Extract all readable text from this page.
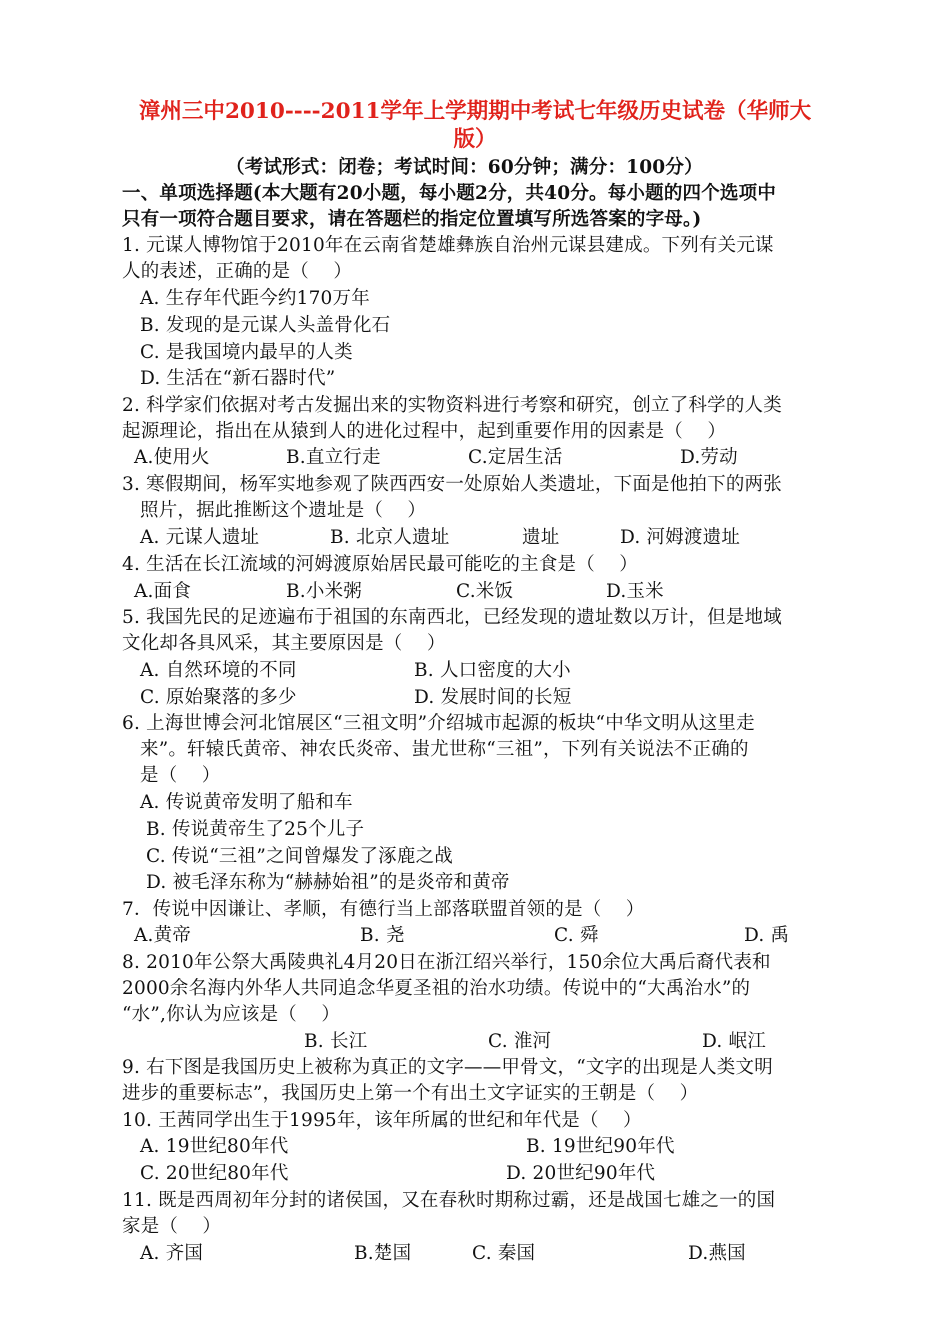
漳州三中2010----2011学年上学期期中考试七年级历史试卷（华师大
版）
（考试形式：闭卷；考试时间：60分钟；满分：100分）
一、单项选择题(本大题有20小题，每小题2分，共40分。每小题的四个选项中
只有一项符合题目要求，请在答题栏的指定位置填写所选答案的字母。)
1. 元谋人博物馆于2010年在云南省楚雄彝族自治州元谋县建成。下列有关元谋
人的表述，正确的是（    ）
A. 生存年代距今约170万年
B. 发现的是元谋人头盖骨化石
C. 是我国境内最早的人类
D. 生活在“新石器时代”
2. 科学家们依据对考古发掘出来的实物资料进行考察和研究，创立了科学的人类
起源理论，指出在从猿到人的进化过程中，起到重要作用的因素是（    ）
A.使用火	B.直立行走	C.定居生活	D.劳动
3. 寒假期间，杨军实地参观了陕西西安一处原始人类遗址，下面是他拍下的两张
照片，据此推断这个遗址是（    ）
A. 元谋人遗址	B. 北京人遗址	遗址	D. 河姆渡遗址
4. 生活在长江流域的河姆渡原始居民最可能吃的主食是（    ）
A.面食	B.小米粥	C.米饭	D.玉米
5. 我国先民的足迹遍布于祖国的东南西北，已经发现的遗址数以万计，但是地域
文化却各具风采，其主要原因是（    ）
A. 自然环境的不同	B. 人口密度的大小
C. 原始聚落的多少	D. 发展时间的长短
6. 上海世博会河北馆展区“三祖文明”介绍城市起源的板块“中华文明从这里走
来”。轩辕氏黄帝、神农氏炎帝、蚩尤世称“三祖”，下列有关说法不正确的
是（    ）
A. 传说黄帝发明了船和车
B. 传说黄帝生了25个儿子
C. 传说“三祖”之间曾爆发了涿鹿之战
D. 被毛泽东称为“赫赫始祖”的是炎帝和黄帝
7．传说中因谦让、孝顺，有德行当上部落联盟首领的是（    ）
A.黄帝	B. 尧	C. 舜	D. 禹
8. 2010年公祭大禹陵典礼4月20日在浙江绍兴举行，150余位大禹后裔代表和
2000余名海内外华人共同追念华夏圣祖的治水功绩。传说中的“大禹治水”的
“水”,你认为应该是（    ）
B. 长江	C. 淮河	D. 岷江
9. 右下图是我国历史上被称为真正的文字——甲骨文，“文字的出现是人类文明
进步的重要标志”，我国历史上第一个有出土文字证实的王朝是（    ）
10. 王茜同学出生于1995年，该年所属的世纪和年代是（    ）
A. 19世纪80年代	B. 19世纪90年代
C. 20世纪80年代	D. 20世纪90年代
11. 既是西周初年分封的诸侯国，又在春秋时期称过霸，还是战国七雄之一的国
家是（    ）
A. 齐国	B.楚国	C. 秦国	D.燕国
